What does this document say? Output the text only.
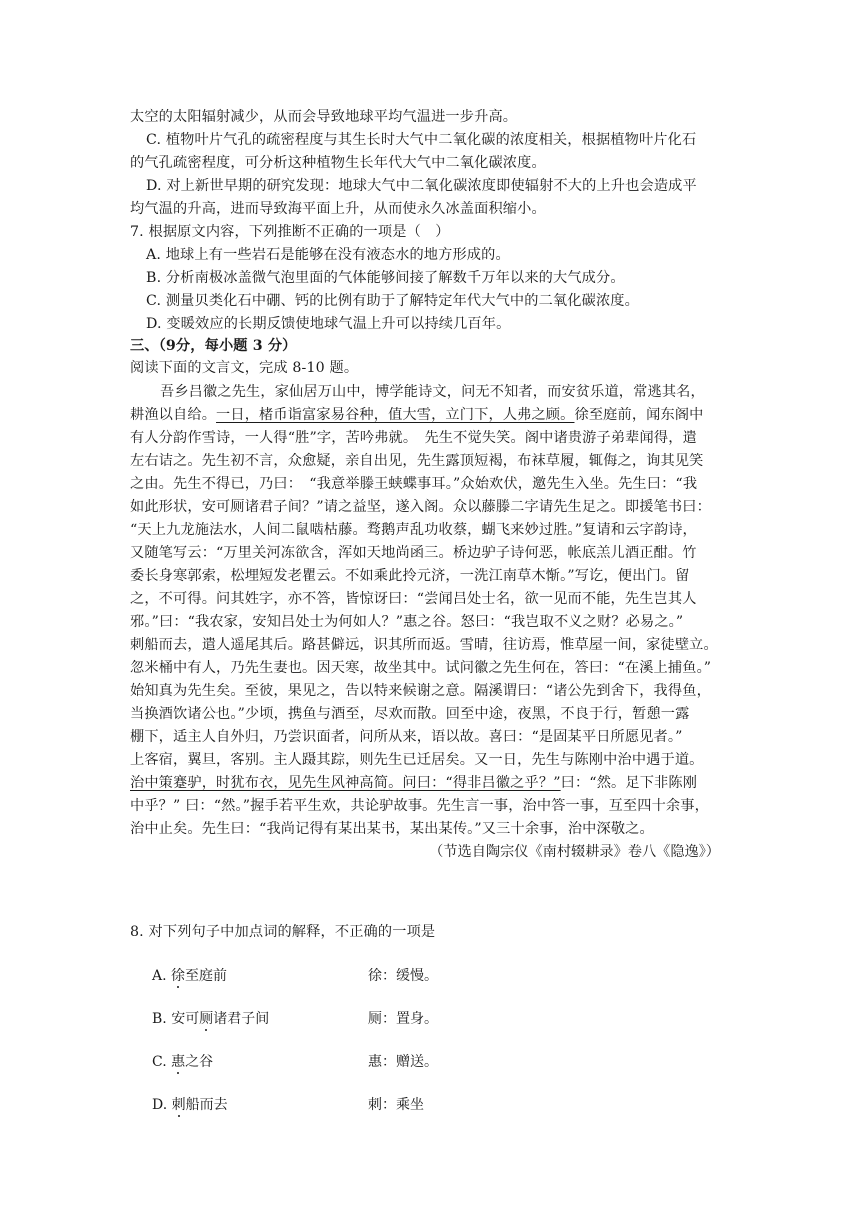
太空的太阳辐射减少，从而会导致地球平均气温进一步升高。
C. 植物叶片气孔的疏密程度与其生长时大气中二氧化碳的浓度相关，根据植物叶片化石
的气孔疏密程度，可分析这种植物生长年代大气中二氧化碳浓度。
D. 对上新世早期的研究发现：地球大气中二氧化碳浓度即使辐射不大的上升也会造成平
均气温的升高，进而导致海平面上升，从而使永久冰盖面积缩小。
7. 根据原文内容，下列推断不正确的一项是（　）
A. 地球上有一些岩石是能够在没有液态水的地方形成的。
B. 分析南极冰盖微气泡里面的气体能够间接了解数千万年以来的大气成分。
C. 测量贝类化石中硼、钙的比例有助于了解特定年代大气中的二氧化碳浓度。
D. 变暖效应的长期反馈使地球气温上升可以持续几百年。
三、（9分，每小题 3 分）
阅读下面的文言文，完成 8-10 题。
吾乡吕徽之先生，家仙居万山中，博学能诗文，问无不知者，而安贫乐道，常逃其名，
耕渔以自给。一日，楮币诣富家易谷种，值大雪，立门下，人弗之顾。徐至庭前，闻东阁中
有人分韵作雪诗，一人得“胜”字，苦吟弗就。　先生不觉失笑。阁中诸贵游子弟辈闻得，遣
左右诘之。先生初不言，众愈疑，亲自出见，先生露顶短褐，布袜草履，辄侮之，询其见笑
之由。先生不得已，乃曰：　“我意举滕王蛱蝶事耳。”众始欢伏，邀先生入坐。先生曰：“我
如此形状，安可厕诸君子间？”请之益坚，遂入阁。众以藤滕二字请先生足之。即援笔书曰：
“天上九龙施法水，人间二鼠啮枯藤。骛鹅声乱功收蔡，蝴飞来妙过胜。”复请和云字韵诗，
又随笔写云：“万里关河冻欲含，浑如天地尚函三。桥边驴子诗何恶，帐底羔儿酒正酣。竹
委长身寒郭索，松埋短发老瞿云。不如乘此拎元济，一洗江南草木惭。”写讫，便出门。留
之，不可得。问其姓字，亦不答，皆惊讶曰：“尝闻吕处士名，欲一见而不能，先生岂其人
邪。”曰：“我农家，安知吕处士为何如人？”惠之谷。怒曰：“我岂取不义之财？必易之。”
刺船而去，遣人遥尾其后。路甚僻远，识其所而返。雪晴，往访焉，惟草屋一间，家徒壁立。
忽米桶中有人，乃先生妻也。因天寒，故坐其中。试问徽之先生何在，答曰：“在溪上捕鱼。”
始知真为先生矣。至彼，果见之，告以特来候谢之意。隔溪谓曰：“诸公先到舍下，我得鱼，
当换酒饮诸公也。”少顷，携鱼与酒至，尽欢而散。回至中途，夜黑，不良于行，暂憩一露
棚下，适主人自外归，乃尝识面者，问所从来，语以故。喜曰：“是固某平日所愿见者。”
上客宿，翼旦，客别。主人蹑其踪，则先生已迁居矣。又一日，先生与陈刚中治中遇于道。
治中策蹇驴，时犹布衣，见先生风神高简。问曰：“得非吕徽之乎？”曰：“然。足下非陈刚
中乎？” 曰：“然。”握手若平生欢，共论驴故事。先生言一事，治中答一事，互至四十余事，
治中止矣。先生曰：“我尚记得有某出某书，某出某传。”又三十余事，治中深敬之。
（节选自陶宗仪《南村辍耕录》卷八《隐逸》）
8. 对下列句子中加点词的解释，不正确的一项是
A. 徐至庭前	徐：缓慢。
B. 安可厕诸君子间	厕：置身。
C. 惠之谷	惠：赠送。
D. 刺船而去	刺：乘坐
